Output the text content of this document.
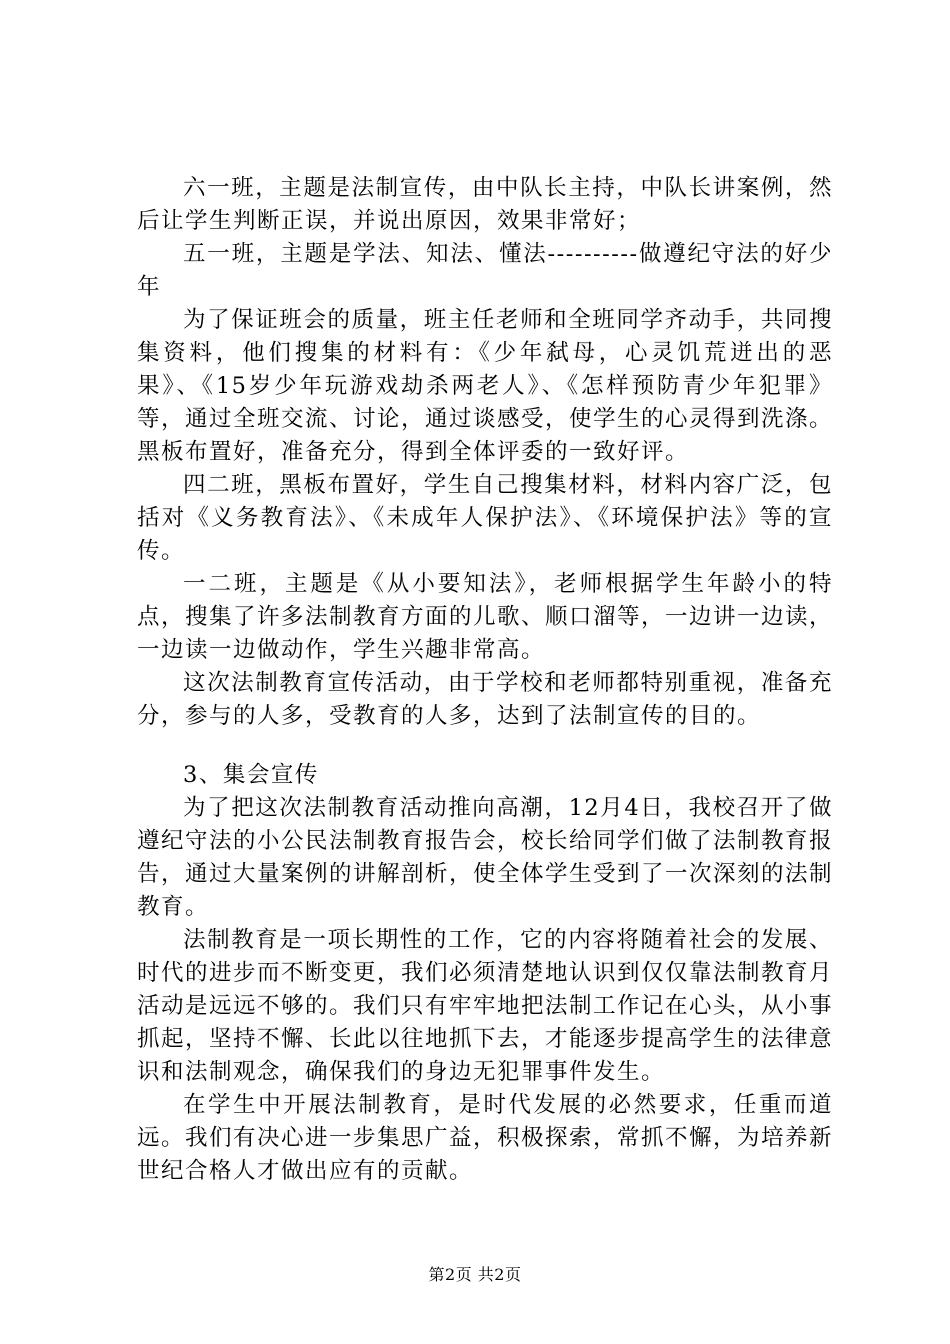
六一班，主题是法制宣传，由中队长主持，中队长讲案例，然后让学生判断正误，并说出原因，效果非常好；

五一班，主题是学法、知法、懂法----------做遵纪守法的好少年

为了保证班会的质量，班主任老师和全班同学齐动手，共同搜集资料，他们搜集的材料有：《少年弑母，心灵饥荒迸出的恶果》、《15岁少年玩游戏劫杀两老人》、《怎样预防青少年犯罪》等，通过全班交流、讨论，通过谈感受，使学生的心灵得到洗涤。黑板布置好，准备充分，得到全体评委的一致好评。

四二班，黑板布置好，学生自己搜集材料，材料内容广泛，包括对《义务教育法》、《未成年人保护法》、《环境保护法》等的宣传。

一二班，主题是《从小要知法》，老师根据学生年龄小的特点，搜集了许多法制教育方面的儿歌、顺口溜等，一边讲一边读，一边读一边做动作，学生兴趣非常高。

这次法制教育宣传活动，由于学校和老师都特别重视，准备充分，参与的人多，受教育的人多，达到了法制宣传的目的。

3、集会宣传

为了把这次法制教育活动推向高潮，12月4日，我校召开了做遵纪守法的小公民法制教育报告会，校长给同学们做了法制教育报告，通过大量案例的讲解剖析，使全体学生受到了一次深刻的法制教育。

法制教育是一项长期性的工作，它的内容将随着社会的发展、时代的进步而不断变更，我们必须清楚地认识到仅仅靠法制教育月活动是远远不够的。我们只有牢牢地把法制工作记在心头，从小事抓起，坚持不懈、长此以往地抓下去，才能逐步提高学生的法律意识和法制观念，确保我们的身边无犯罪事件发生。

在学生中开展法制教育，是时代发展的必然要求，任重而道远。我们有决心进一步集思广益，积极探索，常抓不懈，为培养新世纪合格人才做出应有的贡献。

第2页 共2页
